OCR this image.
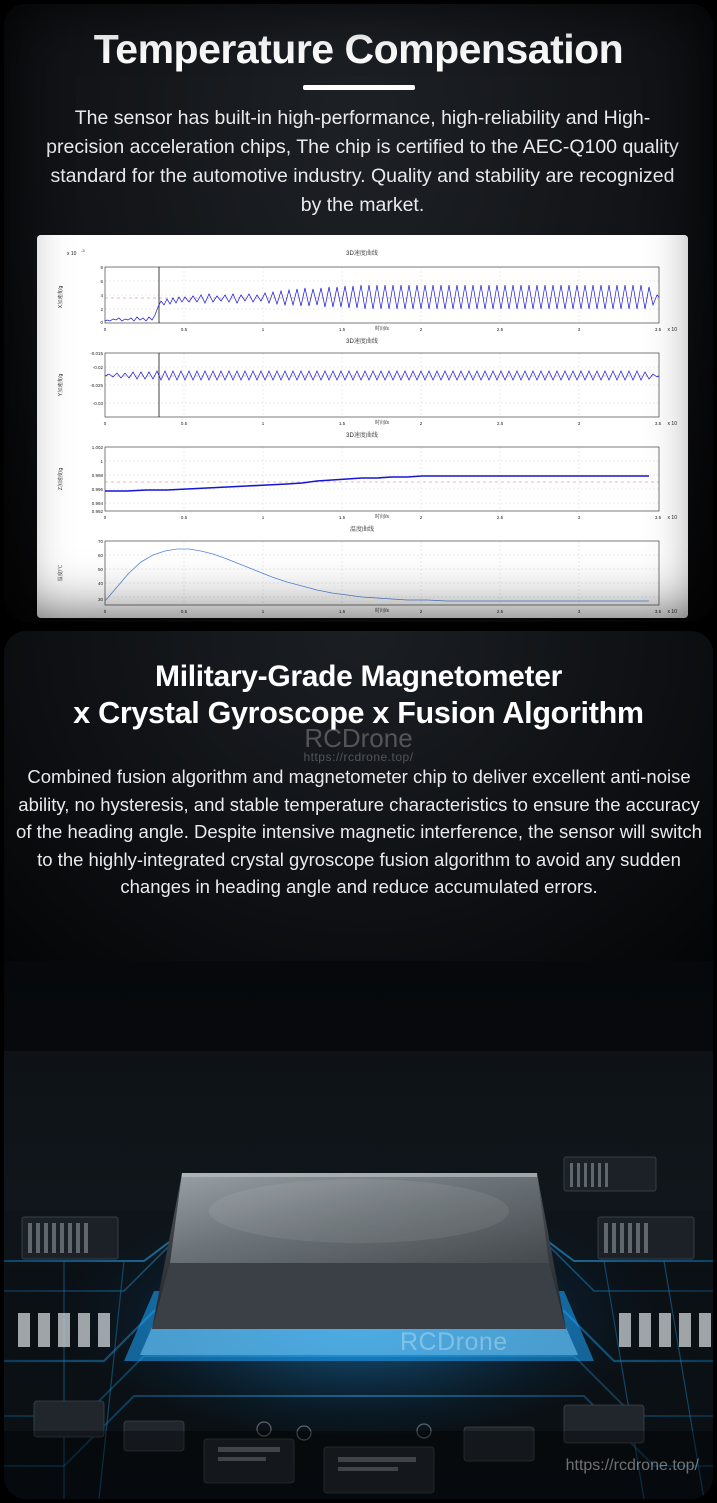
Temperature Compensation

The sensor has built-in high-performance, high-reliability and High-precision acceleration chips, The chip is certified to the AEC-Q100 quality standard for the automotive industry. Quality and stability are recognized by the market.

3D速度曲线
x 10
-3
8
6
4
2
0
0	0.5	1	1.5	2	2.5	3	3.5
时间/s	x 10
X加速度/g
3D速度曲线
-0.015
-0.02
-0.025
-0.03
0	0.5	1	1.5	2	2.5	3	3.5
时间/s	x 10
Y加速度/g
3D速度曲线
1.002
1
0.998
0.996
0.994
0.992
0	0.5	1	1.5	2	2.5	3	3.5
时间/s	x 10
Z加速度/g
温度曲线
70
60
50
40
30
0	0.5	1	1.5	2	2.5	3	3.5
时间/s	x 10
温度/℃
Military-Grade Magnetometer
x Crystal Gyroscope x Fusion Algorithm
RCDrone
https://rcdrone.top/

Combined fusion algorithm and magnetometer chip to deliver excellent anti-noise ability, no hysteresis, and stable temperature characteristics to ensure the accuracy of the heading angle. Despite intensive magnetic interference, the sensor will switch to the highly-integrated crystal gyroscope fusion algorithm to avoid any sudden changes in heading angle and reduce accumulated errors.

RCDrone
https://rcdrone.top/
